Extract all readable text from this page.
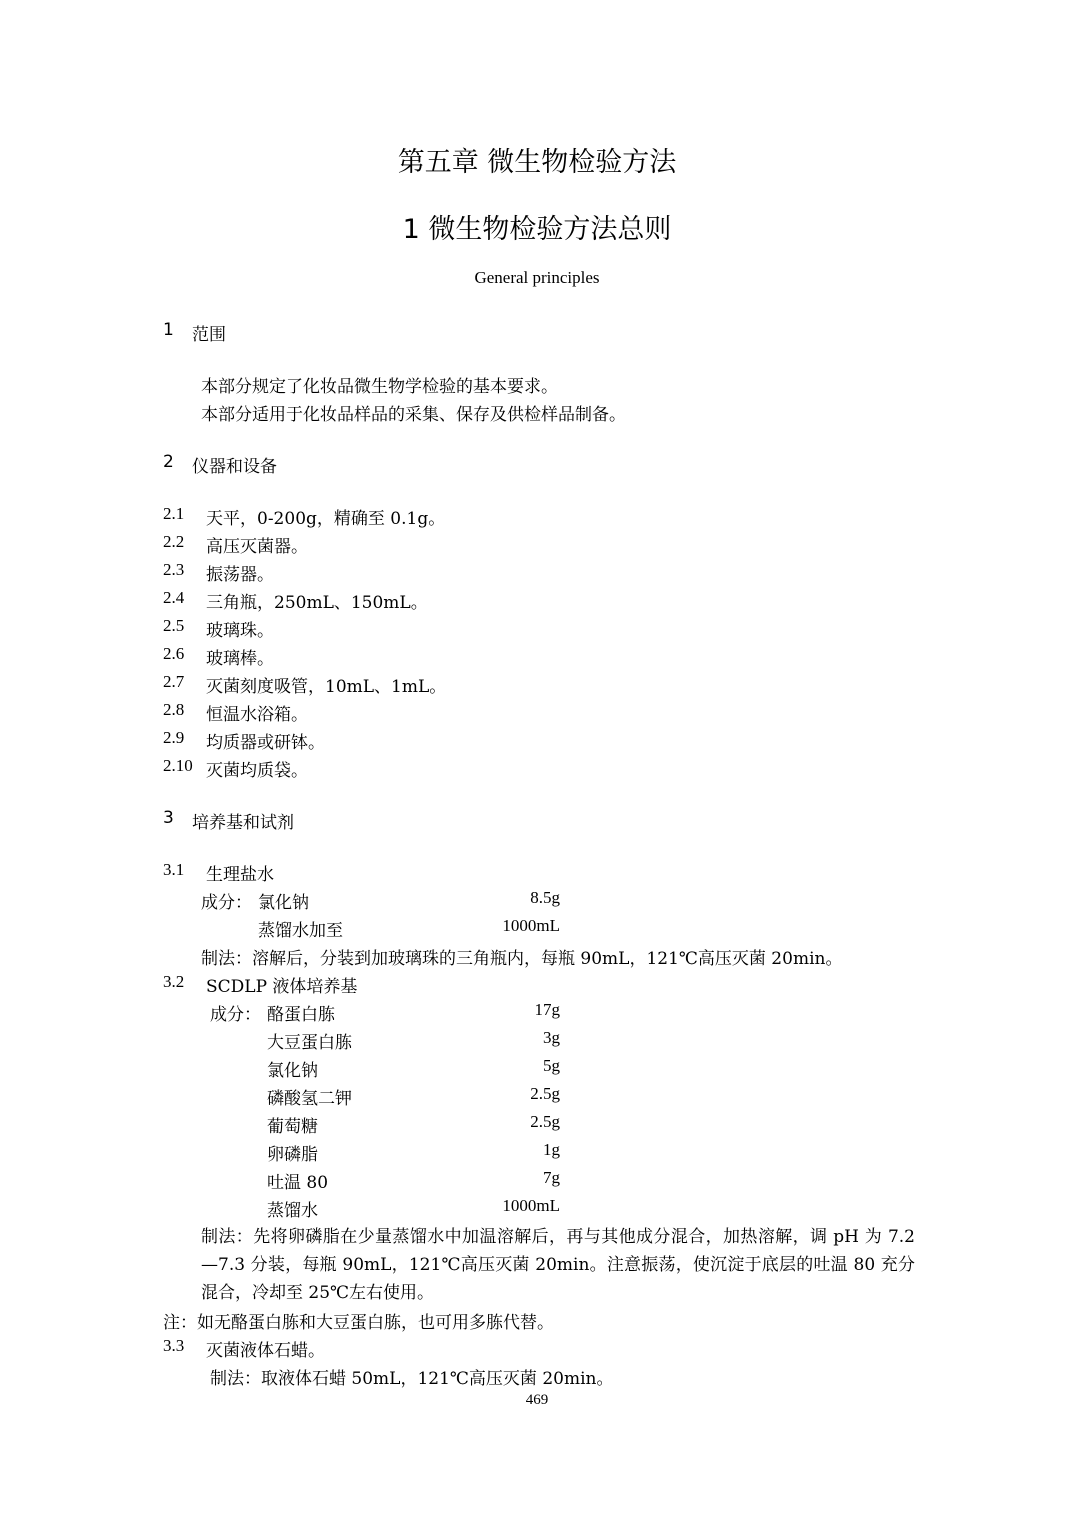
第五章 微生物检验方法
1 微生物检验方法总则
General principles
1 范围
本部分规定了化妆品微生物学检验的基本要求。
本部分适用于化妆品样品的采集、保存及供检样品制备。
2 仪器和设备
2.1 天平，0-200g，精确至 0.1g。
2.2 高压灭菌器。
2.3 振荡器。
2.4 三角瓶，250mL、150mL。
2.5 玻璃珠。
2.6 玻璃棒。
2.7 灭菌刻度吸管，10mL、1mL。
2.8 恒温水浴箱。
2.9 均质器或研钵。
2.10 灭菌均质袋。
3 培养基和试剂
3.1 生理盐水
成分： 氯化钠	8.5g
蒸馏水加至	1000mL
制法：溶解后，分装到加玻璃珠的三角瓶内，每瓶 90mL，121℃高压灭菌 20min。
3.2 SCDLP 液体培养基
成分： 酪蛋白胨	17g
大豆蛋白胨	3g
氯化钠	5g
磷酸氢二钾	2.5g
葡萄糖	2.5g
卵磷脂	1g
吐温 80	7g
蒸馏水	1000mL
制法：先将卵磷脂在少量蒸馏水中加温溶解后，再与其他成分混合，加热溶解，调 pH 为 7.2—7.3 分装，每瓶 90mL，121℃高压灭菌 20min。注意振荡，使沉淀于底层的吐温 80 充分混合，冷却至 25℃左右使用。
注：如无酪蛋白胨和大豆蛋白胨，也可用多胨代替。
3.3 灭菌液体石蜡。
制法：取液体石蜡 50mL，121℃高压灭菌 20min。
469
